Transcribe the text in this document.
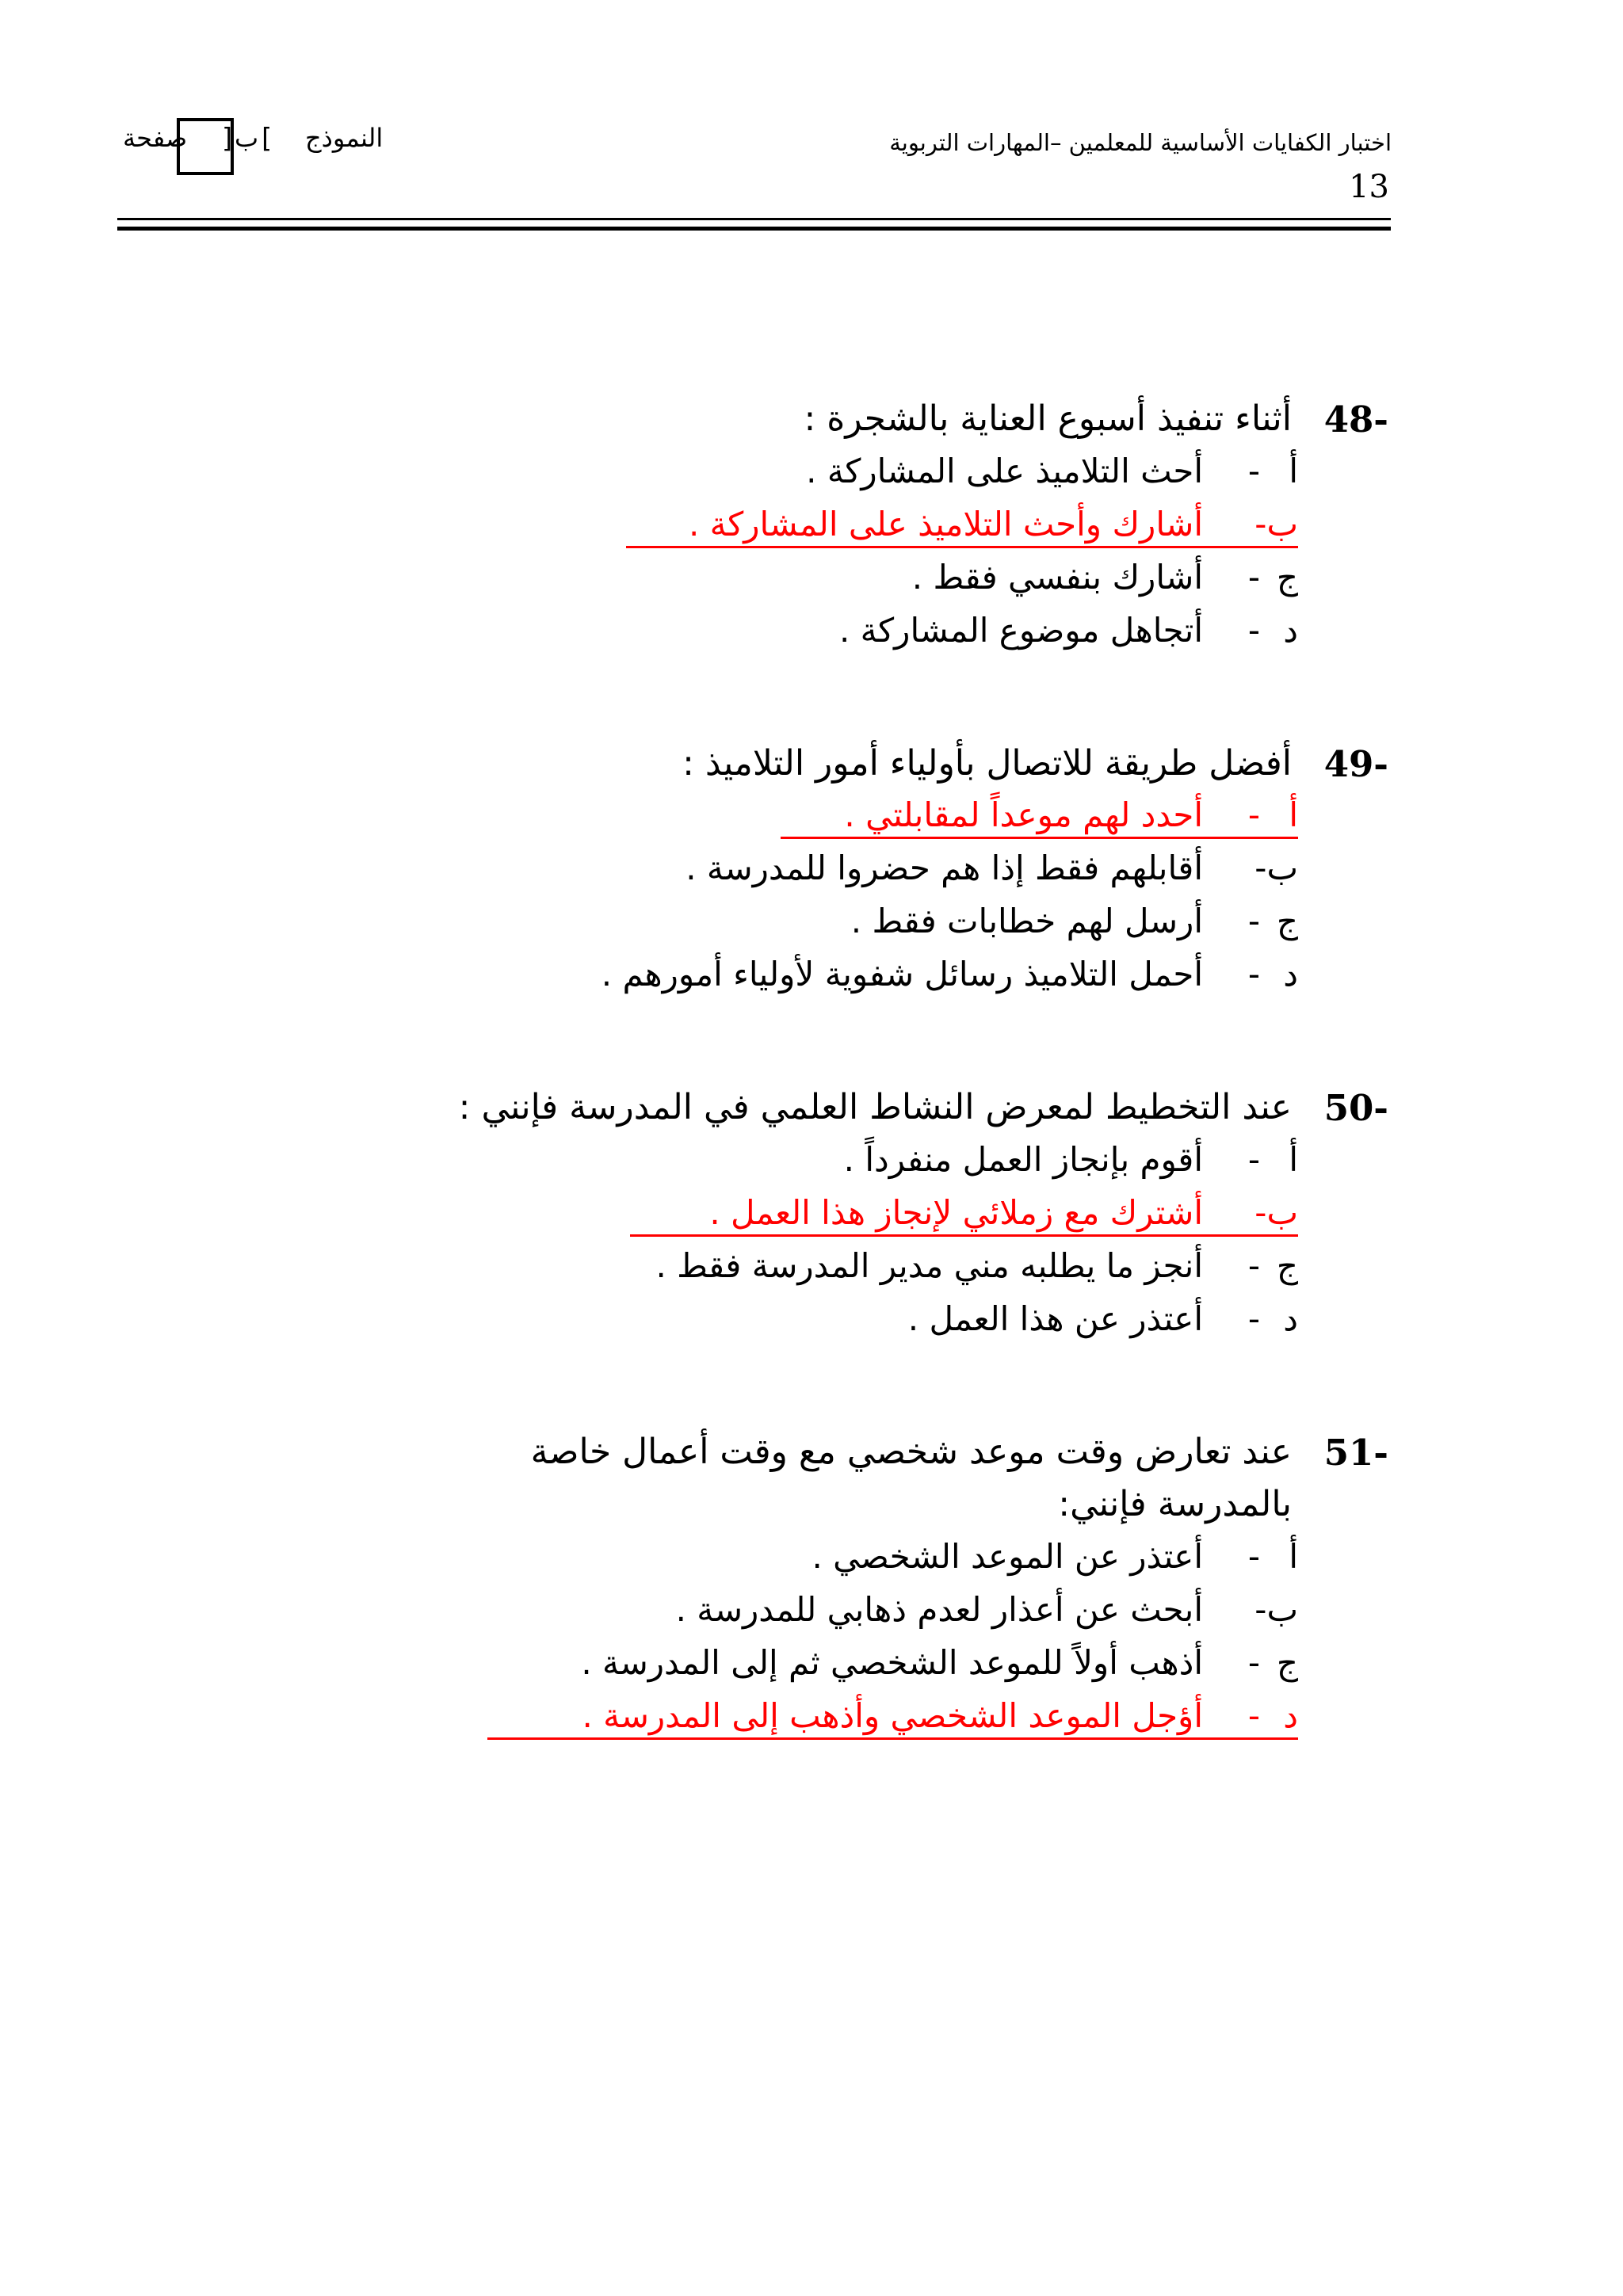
اختبار الكفايات الأساسية للمعلمين –المهارات التربوية
13
النموذج
[
ب
]
صفحة
48-
أثناء تنفيذ أسبوع العناية بالشجرة :
أ
-
أحث التلاميذ على المشاركة .
ب-
أشارك وأحث التلاميذ على المشاركة .
ج
-
أشارك بنفسي فقط .
د
-
أتجاهل موضوع المشاركة .
49-
أفضل طريقة للاتصال بأولياء أمور التلاميذ :
أ
-
أحدد لهم موعداً لمقابلتي .
ب-
أقابلهم فقط إذا هم حضروا للمدرسة .
ج
-
أرسل لهم خطابات فقط .
د
-
أحمل التلاميذ رسائل شفوية لأولياء أمورهم .
50-
عند التخطيط لمعرض النشاط العلمي في المدرسة فإنني :
أ
-
أقوم بإنجاز العمل منفرداً .
ب-
أشترك مع زملائي لإنجاز هذا العمل .
ج
-
أنجز ما يطلبه مني مدير المدرسة فقط .
د
-
أعتذر عن هذا العمل .
51-
عند تعارض وقت موعد شخصي مع وقت أعمال خاصة
بالمدرسة فإنني:
أ
-
أعتذر عن الموعد الشخصي .
ب-
أبحث عن أعذار لعدم ذهابي للمدرسة .
ج
-
أذهب أولاً للموعد الشخصي ثم إلى المدرسة .
د
-
أؤجل الموعد الشخصي وأذهب إلى المدرسة .
